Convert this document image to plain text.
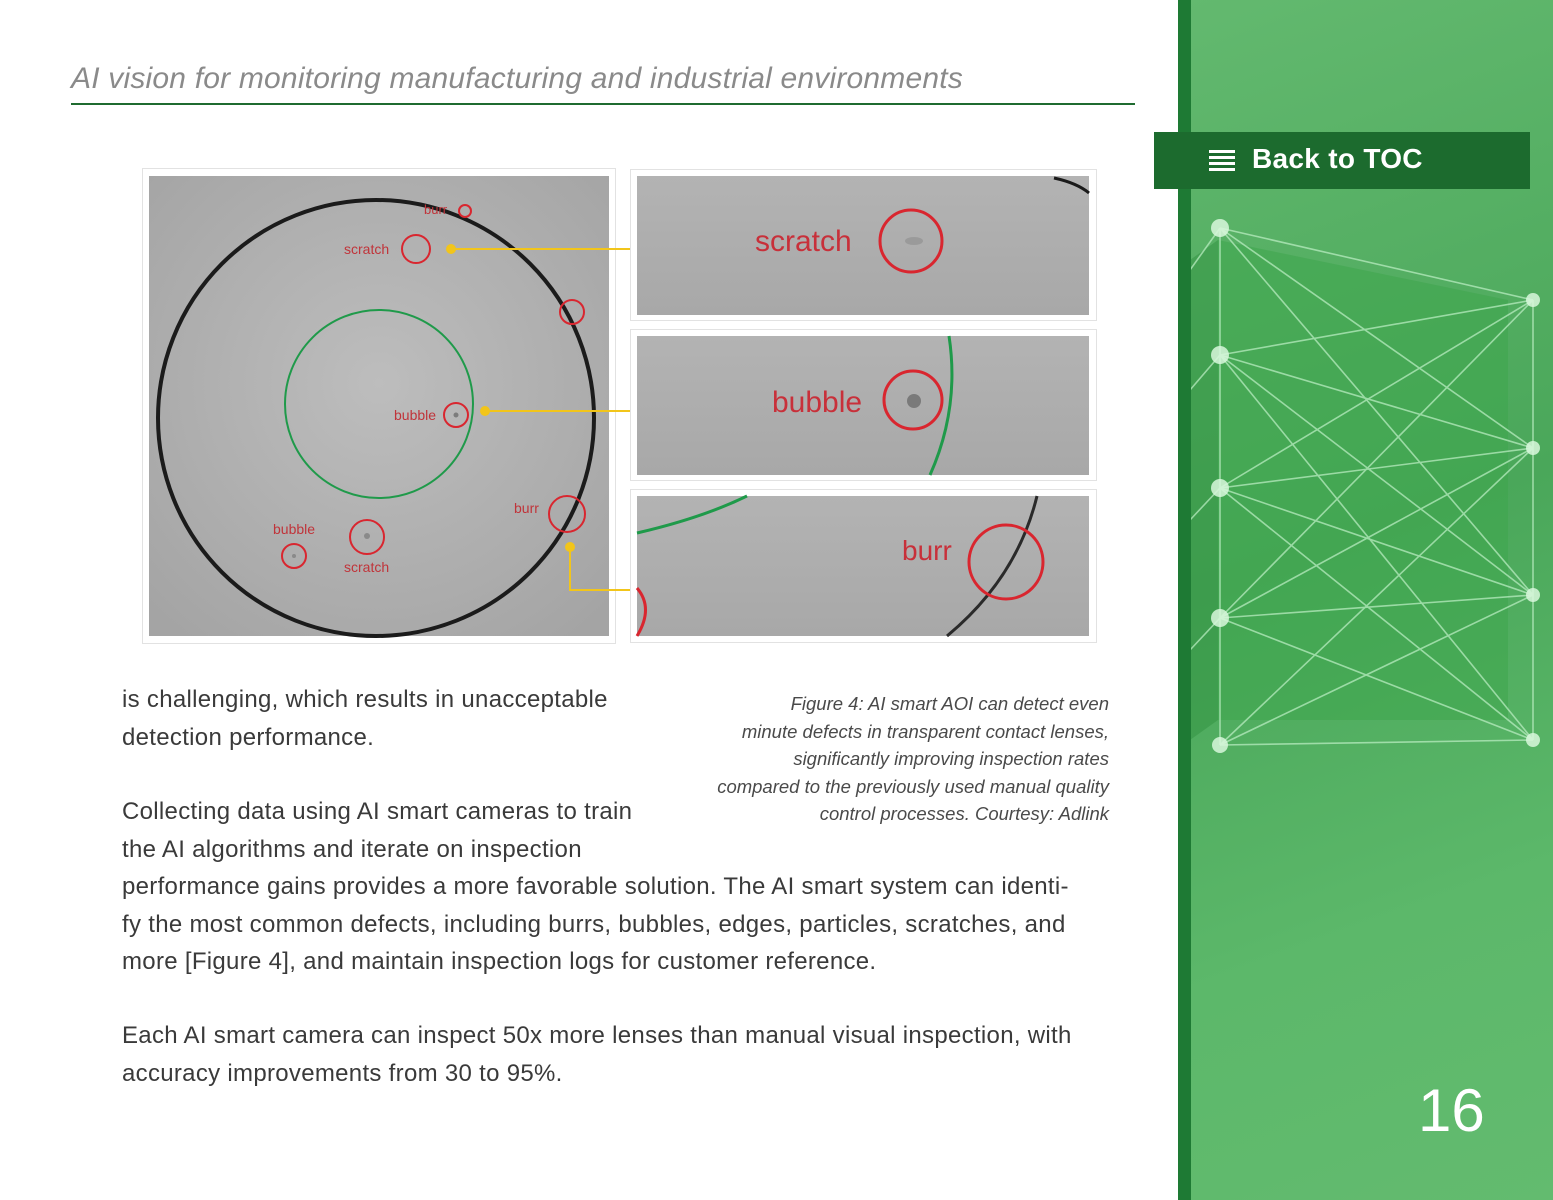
AI vision for monitoring manufacturing and industrial environments
burr
scratch
bubble
burr
scratch
bubble
scratch
bubble
burr
is challenging, which results in unacceptable
detection performance.
Figure 4: AI smart AOI can detect even
minute defects in transparent contact lenses,
significantly improving inspection rates
compared to the previously used manual quality
control processes. Courtesy: Adlink
Collecting data using AI smart cameras to train
the AI algorithms and iterate on inspection
performance gains provides a more favorable solution. The AI smart system can identi-
fy the most common defects, including burrs, bubbles, edges, particles, scratches, and
more [Figure 4], and maintain inspection logs for customer reference.
Each AI smart camera can inspect 50x more lenses than manual visual inspection, with
accuracy improvements from 30 to 95%.
Back to TOC
16
